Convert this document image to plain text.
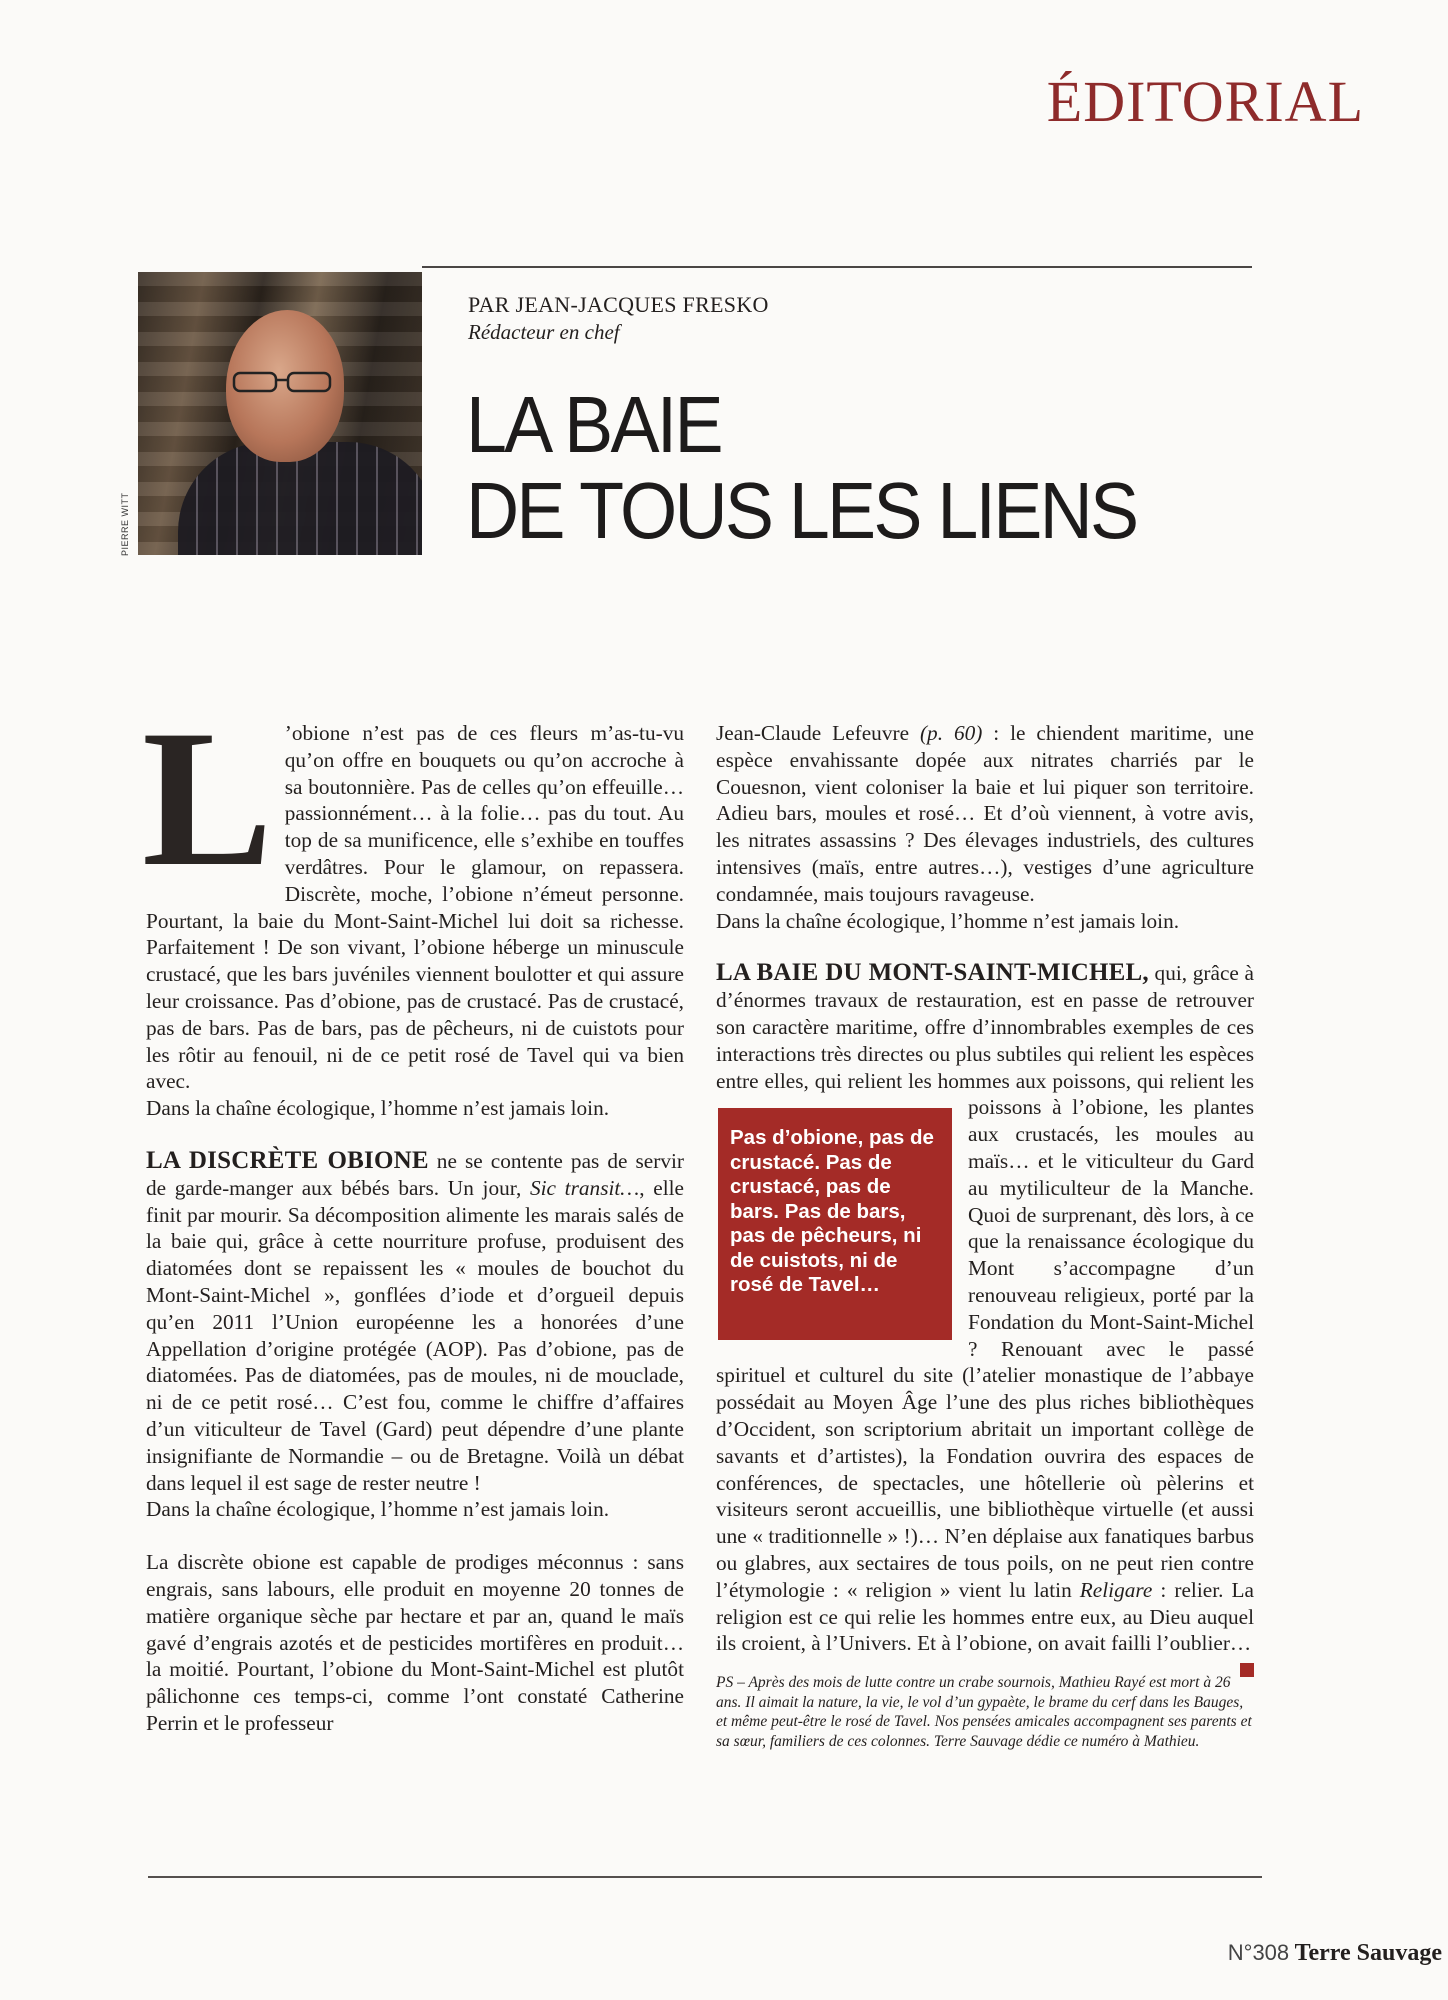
ÉDITORIAL
PIERRE WITT
PAR JEAN-JACQUES FRESKO
Rédacteur en chef
LA BAIE
DE TOUS LES LIENS

L ’obione n’est pas de ces fleurs m’as-tu-vu qu’on offre en bouquets ou qu’on accroche à sa boutonnière. Pas de celles qu’on effeuille… passionnément… à la folie… pas du tout. Au top de sa munificence, elle s’exhibe en touffes verdâtres. Pour le glamour, on repassera. Discrète, moche, l’obione n’émeut personne. Pourtant, la baie du Mont-Saint-Michel lui doit sa richesse. Parfaitement ! De son vivant, l’obione héberge un minuscule crustacé, que les bars juvéniles viennent boulotter et qui assure leur croissance. Pas d’obione, pas de crustacé. Pas de crustacé, pas de bars. Pas de bars, pas de pêcheurs, ni de cuistots pour les rôtir au fenouil, ni de ce petit rosé de Tavel qui va bien avec.

Dans la chaîne écologique, l’homme n’est jamais loin.

LA DISCRÈTE OBIONE ne se contente pas de servir de garde-manger aux bébés bars. Un jour, Sic transit…, elle finit par mourir. Sa décomposition alimente les marais salés de la baie qui, grâce à cette nourriture profuse, produisent des diatomées dont se repaissent les « moules de bouchot du Mont-Saint-Michel », gonflées d’iode et d’orgueil depuis qu’en 2011 l’Union européenne les a honorées d’une Appellation d’origine protégée (AOP). Pas d’obione, pas de diatomées. Pas de diatomées, pas de moules, ni de mouclade, ni de ce petit rosé… C’est fou, comme le chiffre d’affaires d’un viticulteur de Tavel (Gard) peut dépendre d’une plante insignifiante de Normandie – ou de Bretagne. Voilà un débat dans lequel il est sage de rester neutre !

Dans la chaîne écologique, l’homme n’est jamais loin.

La discrète obione est capable de prodiges méconnus : sans engrais, sans labours, elle produit en moyenne 20 tonnes de matière organique sèche par hectare et par an, quand le maïs gavé d’engrais azotés et de pesticides mortifères en produit… la moitié. Pourtant, l’obione du Mont-Saint-Michel est plutôt pâlichonne ces temps-ci, comme l’ont constaté Catherine Perrin et le professeur

Jean-Claude Lefeuvre (p. 60) : le chiendent maritime, une espèce envahissante dopée aux nitrates charriés par le Couesnon, vient coloniser la baie et lui piquer son territoire. Adieu bars, moules et rosé… Et d’où viennent, à votre avis, les nitrates assassins ? Des élevages industriels, des cultures intensives (maïs, entre autres…), vestiges d’une agriculture condamnée, mais toujours ravageuse.

Dans la chaîne écologique, l’homme n’est jamais loin.

LA BAIE DU MONT-SAINT-MICHEL, qui, grâce à d’énormes travaux de restauration, est en passe de retrouver son caractère maritime, offre d’innombrables exemples de ces interactions très directes ou plus subtiles qui relient les espèces entre elles, qui relient les hommes aux poissons,
Pas d’obione, pas de crustacé. Pas de crustacé, pas de bars. Pas de bars, pas de pêcheurs, ni de cuistots, ni de rosé de Tavel…
qui relient les poissons à l’obione, les plantes aux crustacés, les moules au maïs… et le viticulteur du Gard au mytiliculteur de la Manche. Quoi de surprenant, dès lors, à ce que la renaissance écologique du Mont s’accompagne d’un renouveau religieux, porté par la Fondation du Mont-Saint-Michel ? Renouant avec le passé spirituel et culturel du site (l’atelier monastique de l’abbaye possédait au Moyen Âge l’une des plus riches bibliothèques d’Occident, son scriptorium abritait un important collège de savants et d’artistes), la Fondation ouvrira des espaces de conférences, de spectacles, une hôtellerie où pèlerins et visiteurs seront accueillis, une bibliothèque virtuelle (et aussi une « traditionnelle » !)… N’en déplaise aux fanatiques barbus ou glabres, aux sectaires de tous poils, on ne peut rien contre l’étymologie : « religion » vient lu latin Religare : relier. La religion est ce qui relie les hommes entre eux, au Dieu auquel ils croient, à l’Univers. Et à l’obione, on avait failli l’oublier…

PS – Après des mois de lutte contre un crabe sournois, Mathieu Rayé est mort à 26 ans. Il aimait la nature, la vie, le vol d’un gypaète, le brame du cerf dans les Bauges, et même peut-être le rosé de Tavel. Nos pensées amicales accompagnent ses parents et sa sœur, familiers de ces colonnes. Terre Sauvage dédie ce numéro à Mathieu.

N°308 Terre Sauvage
